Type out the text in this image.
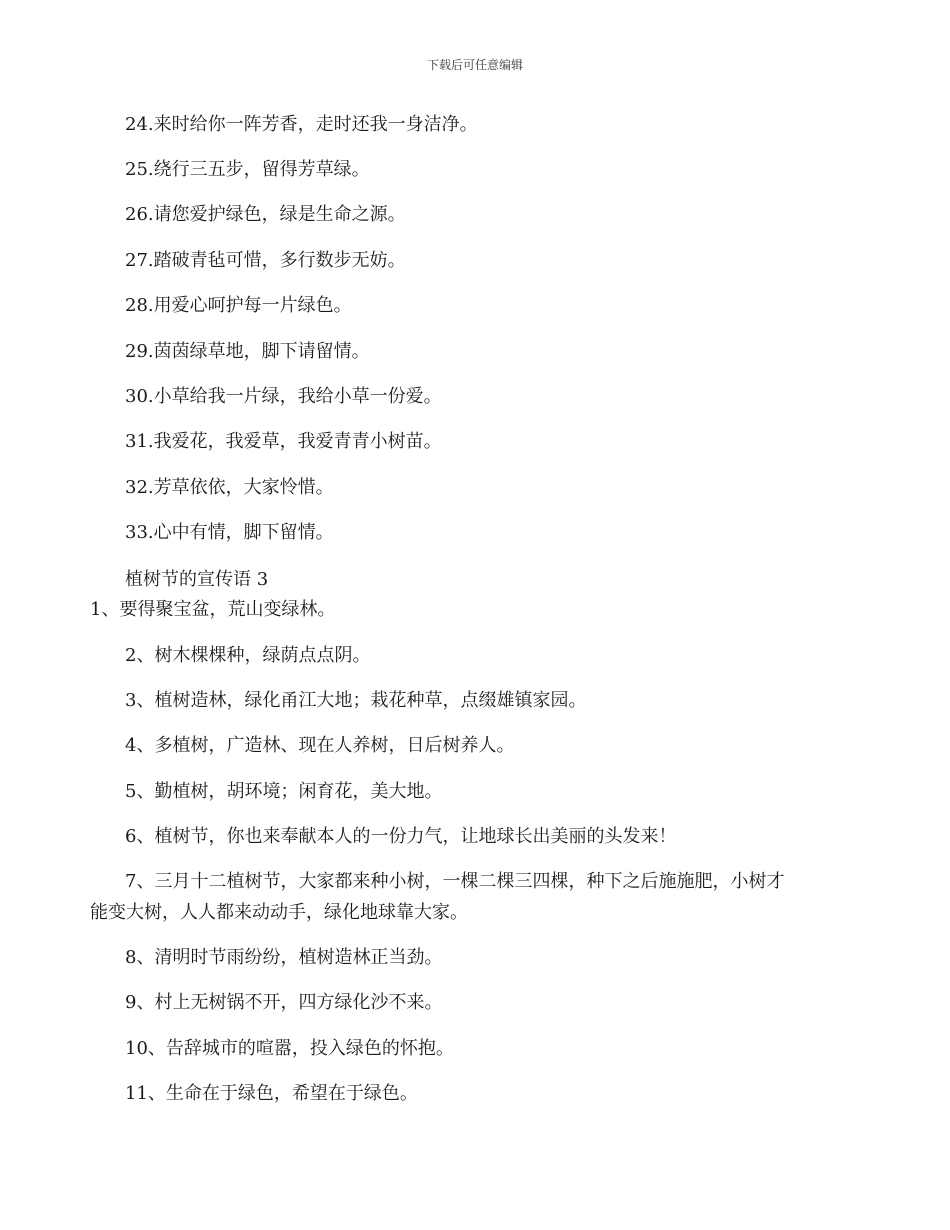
下载后可任意编辑
24.来时给你一阵芳香，走时还我一身洁净。
25.绕行三五步，留得芳草绿。
26.请您爱护绿色，绿是生命之源。
27.踏破青毡可惜，多行数步无妨。
28.用爱心呵护每一片绿色。
29.茵茵绿草地，脚下请留情。
30.小草给我一片绿，我给小草一份爱。
31.我爱花，我爱草，我爱青青小树苗。
32.芳草依依，大家怜惜。
33.心中有情，脚下留情。
植树节的宣传语 3
1、要得聚宝盆，荒山变绿林。
2、树木棵棵种，绿荫点点阴。
3、植树造林，绿化甬江大地；栽花种草，点缀雄镇家园。
4、多植树，广造林、现在人养树，日后树养人。
5、勤植树，胡环境；闲育花，美大地。
6、植树节，你也来奉献本人的一份力气，让地球长出美丽的头发来！
7、三月十二植树节，大家都来种小树，一棵二棵三四棵，种下之后施施肥，小树才
能变大树，人人都来动动手，绿化地球靠大家。
8、清明时节雨纷纷，植树造林正当劲。
9、村上无树锅不开，四方绿化沙不来。
10、告辞城市的喧嚣，投入绿色的怀抱。
11、生命在于绿色，希望在于绿色。
